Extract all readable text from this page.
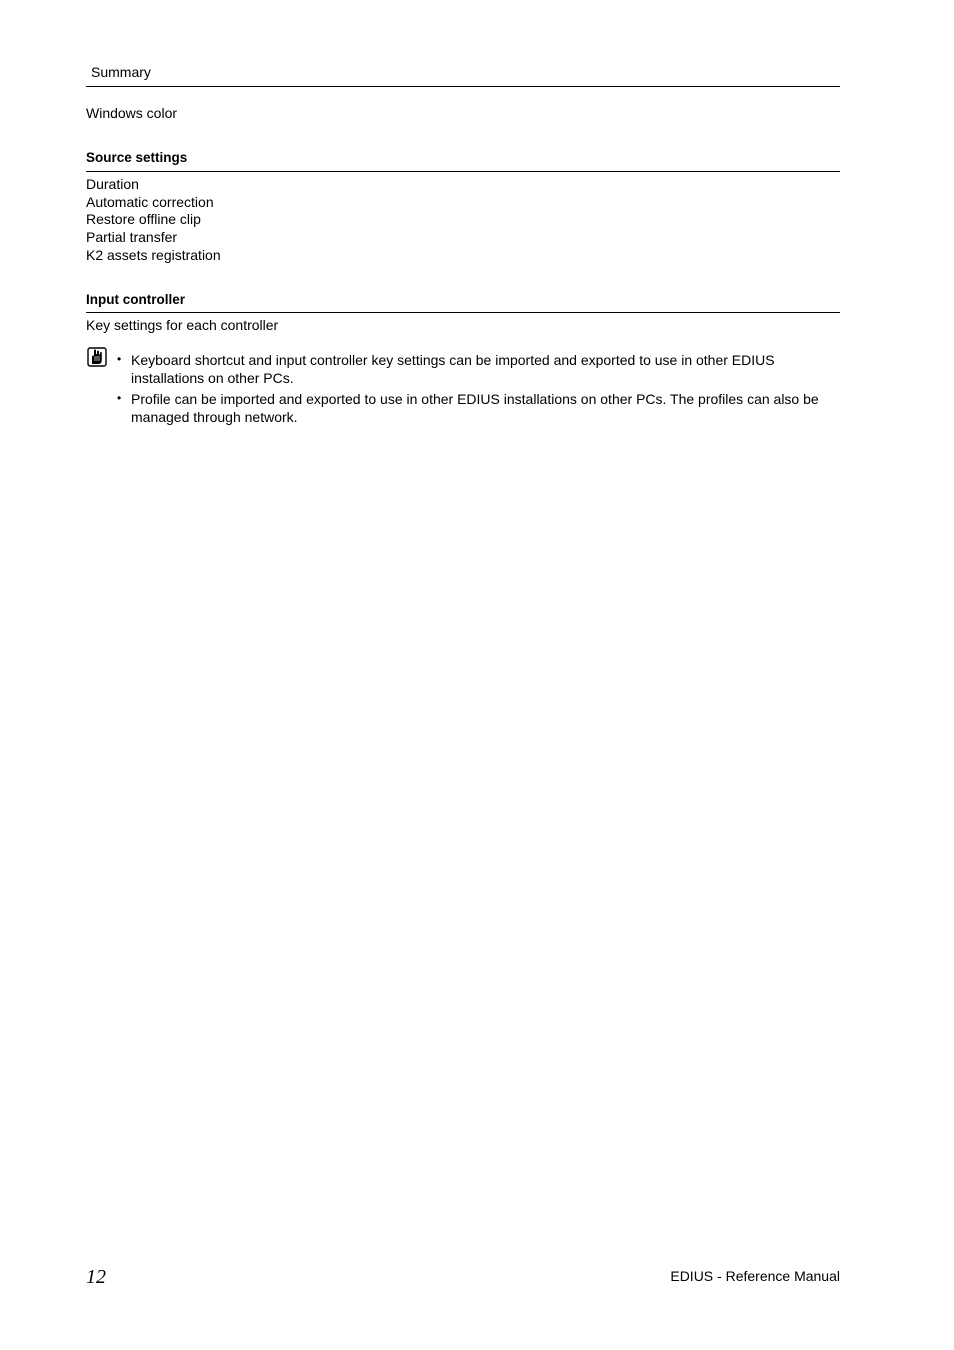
Summary
Windows color
Source settings
Duration
Automatic correction
Restore offline clip
Partial transfer
K2 assets registration
Input controller
Key settings for each controller
• Keyboard shortcut and input controller key settings can be imported and exported to use in other EDIUS installations on other PCs.
• Profile can be imported and exported to use in other EDIUS installations on other PCs. The profiles can also be managed through network.
12	EDIUS - Reference Manual
